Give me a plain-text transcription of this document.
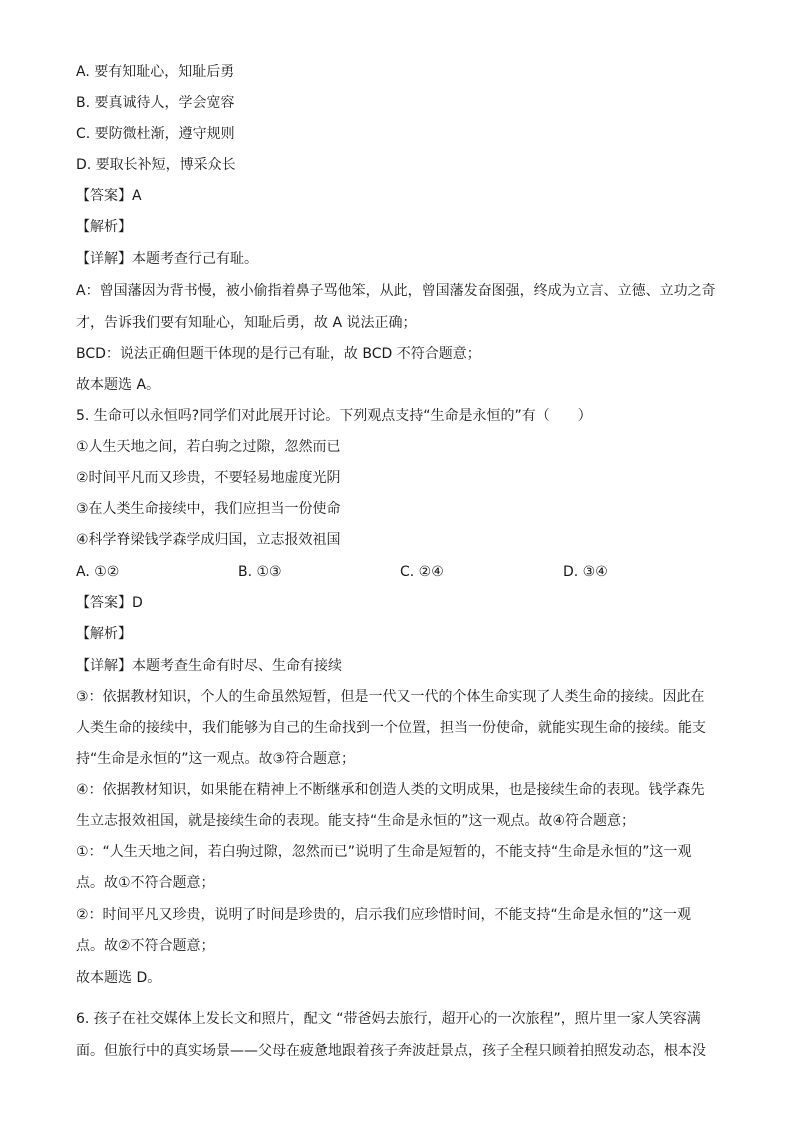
A. 要有知耻心，知耻后勇
B. 要真诚待人，学会宽容
C. 要防微杜渐，遵守规则
D. 要取长补短，博采众长
【答案】A
【解析】
【详解】本题考查行己有耻。
A：曾国藩因为背书慢，被小偷指着鼻子骂他笨，从此，曾国藩发奋图强，终成为立言、立德、立功之奇
才，告诉我们要有知耻心，知耻后勇，故 A 说法正确；
BCD：说法正确但题干体现的是行己有耻，故 BCD 不符合题意；
故本题选 A。
5. 生命可以永恒吗?同学们对此展开讨论。下列观点支持“生命是永恒的”有（　　）
①人生天地之间，若白驹之过隙，忽然而已
②时间平凡而又珍贵，不要轻易地虚度光阴
③在人类生命接续中，我们应担当一份使命
④科学脊梁钱学森学成归国，立志报效祖国
A. ①②	B. ①③	C. ②④	D. ③④
【答案】D
【解析】
【详解】本题考查生命有时尽、生命有接续
③：依据教材知识，个人的生命虽然短暂，但是一代又一代的个体生命实现了人类生命的接续。因此在
人类生命的接续中，我们能够为自己的生命找到一个位置，担当一份使命，就能实现生命的接续。能支
持“生命是永恒的”这一观点。故③符合题意；
④：依据教材知识，如果能在精神上不断继承和创造人类的文明成果，也是接续生命的表现。钱学森先
生立志报效祖国，就是接续生命的表现。能支持“生命是永恒的”这一观点。故④符合题意；
①：“人生天地之间，若白驹过隙，忽然而已”说明了生命是短暂的，不能支持“生命是永恒的”这一观
点。故①不符合题意；
②：时间平凡又珍贵，说明了时间是珍贵的，启示我们应珍惜时间，不能支持“生命是永恒的”这一观
点。故②不符合题意；
故本题选 D。
6. 孩子在社交媒体上发长文和照片，配文 “带爸妈去旅行，超开心的一次旅程”，照片里一家人笑容满
面。但旅行中的真实场景——父母在疲惫地跟着孩子奔波赶景点，孩子全程只顾着拍照发动态，根本没
